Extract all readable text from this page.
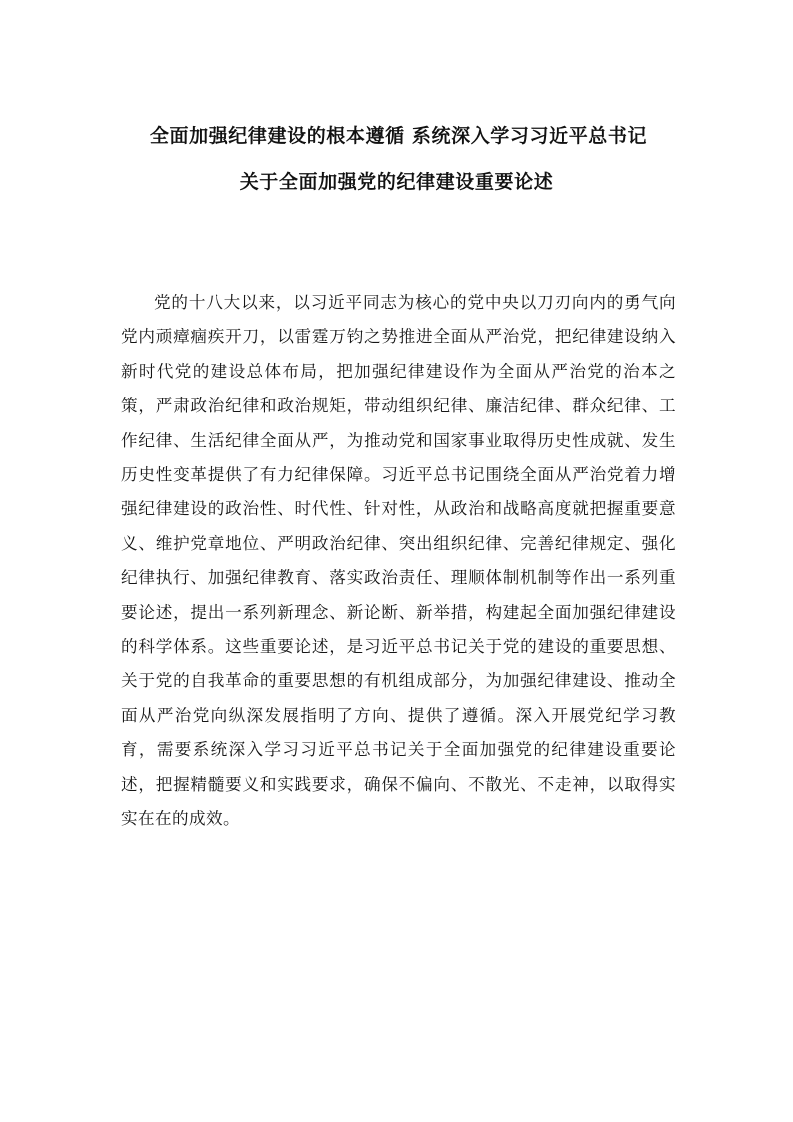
全面加强纪律建设的根本遵循 系统深入学习习近平总书记
关于全面加强党的纪律建设重要论述

党的十八大以来，以习近平同志为核心的党中央以刀刃向内的勇气向党内顽瘴痼疾开刀，以雷霆万钧之势推进全面从严治党，把纪律建设纳入新时代党的建设总体布局，把加强纪律建设作为全面从严治党的治本之策，严肃政治纪律和政治规矩，带动组织纪律、廉洁纪律、群众纪律、工作纪律、生活纪律全面从严，为推动党和国家事业取得历史性成就、发生历史性变革提供了有力纪律保障。习近平总书记围绕全面从严治党着力增强纪律建设的政治性、时代性、针对性，从政治和战略高度就把握重要意义、维护党章地位、严明政治纪律、突出组织纪律、完善纪律规定、强化纪律执行、加强纪律教育、落实政治责任、理顺体制机制等作出一系列重要论述，提出一系列新理念、新论断、新举措，构建起全面加强纪律建设的科学体系。这些重要论述，是习近平总书记关于党的建设的重要思想、关于党的自我革命的重要思想的有机组成部分，为加强纪律建设、推动全面从严治党向纵深发展指明了方向、提供了遵循。深入开展党纪学习教育，需要系统深入学习习近平总书记关于全面加强党的纪律建设重要论述，把握精髓要义和实践要求，确保不偏向、不散光、不走神，以取得实实在在的成效。
